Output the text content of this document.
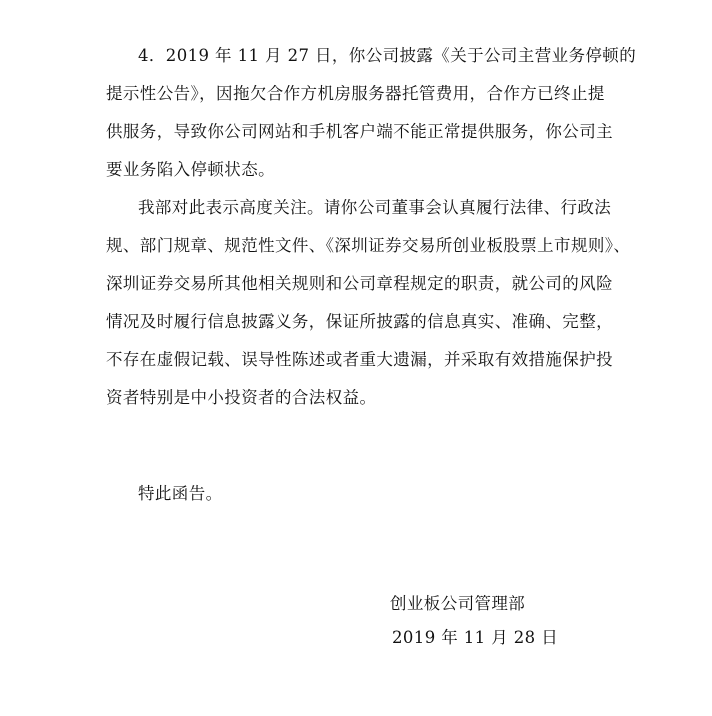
4．2019 年 11 月 27 日，你公司披露《关于公司主营业务停顿的
提示性公告》，因拖欠合作方机房服务器托管费用，合作方已终止提
供服务，导致你公司网站和手机客户端不能正常提供服务，你公司主
要业务陷入停顿状态。
我部对此表示高度关注。请你公司董事会认真履行法律、行政法
规、部门规章、规范性文件、《深圳证券交易所创业板股票上市规则》、
深圳证券交易所其他相关规则和公司章程规定的职责，就公司的风险
情况及时履行信息披露义务，保证所披露的信息真实、准确、完整，
不存在虚假记载、误导性陈述或者重大遗漏，并采取有效措施保护投
资者特别是中小投资者的合法权益。
特此函告。
创业板公司管理部
2019 年 11 月 28 日
